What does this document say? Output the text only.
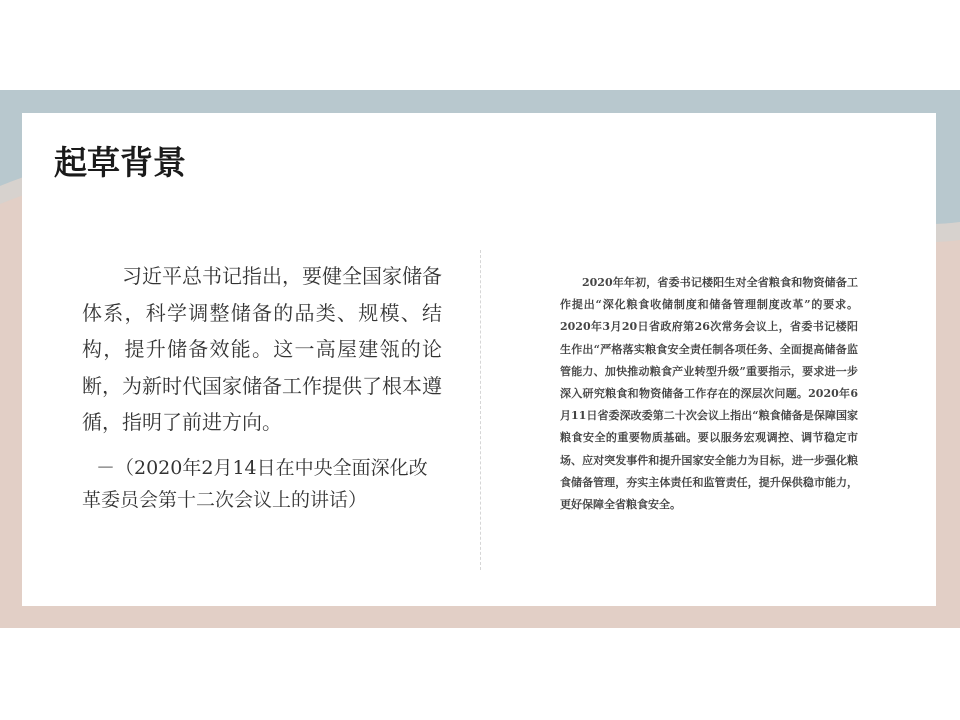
起草背景

习近平总书记指出，要健全国家储备体系，科学调整储备的品类、规模、结构，提升储备效能。这一高屋建瓴的论断，为新时代国家储备工作提供了根本遵循，指明了前进方向。

－（2020年2月14日在中央全面深化改革委员会第十二次会议上的讲话）

2020年年初，省委书记楼阳生对全省粮食和物资储备工作提出“深化粮食收储制度和储备管理制度改革”的要求。2020年3月20日省政府第26次常务会议上，省委书记楼阳生作出“严格落实粮食安全责任制各项任务、全面提高储备监管能力、加快推动粮食产业转型升级”重要指示，要求进一步深入研究粮食和物资储备工作存在的深层次问题。2020年6月11日省委深改委第二十次会议上指出“粮食储备是保障国家粮食安全的重要物质基础。要以服务宏观调控、调节稳定市场、应对突发事件和提升国家安全能力为目标，进一步强化粮食储备管理，夯实主体责任和监管责任，提升保供稳市能力，更好保障全省粮食安全。
